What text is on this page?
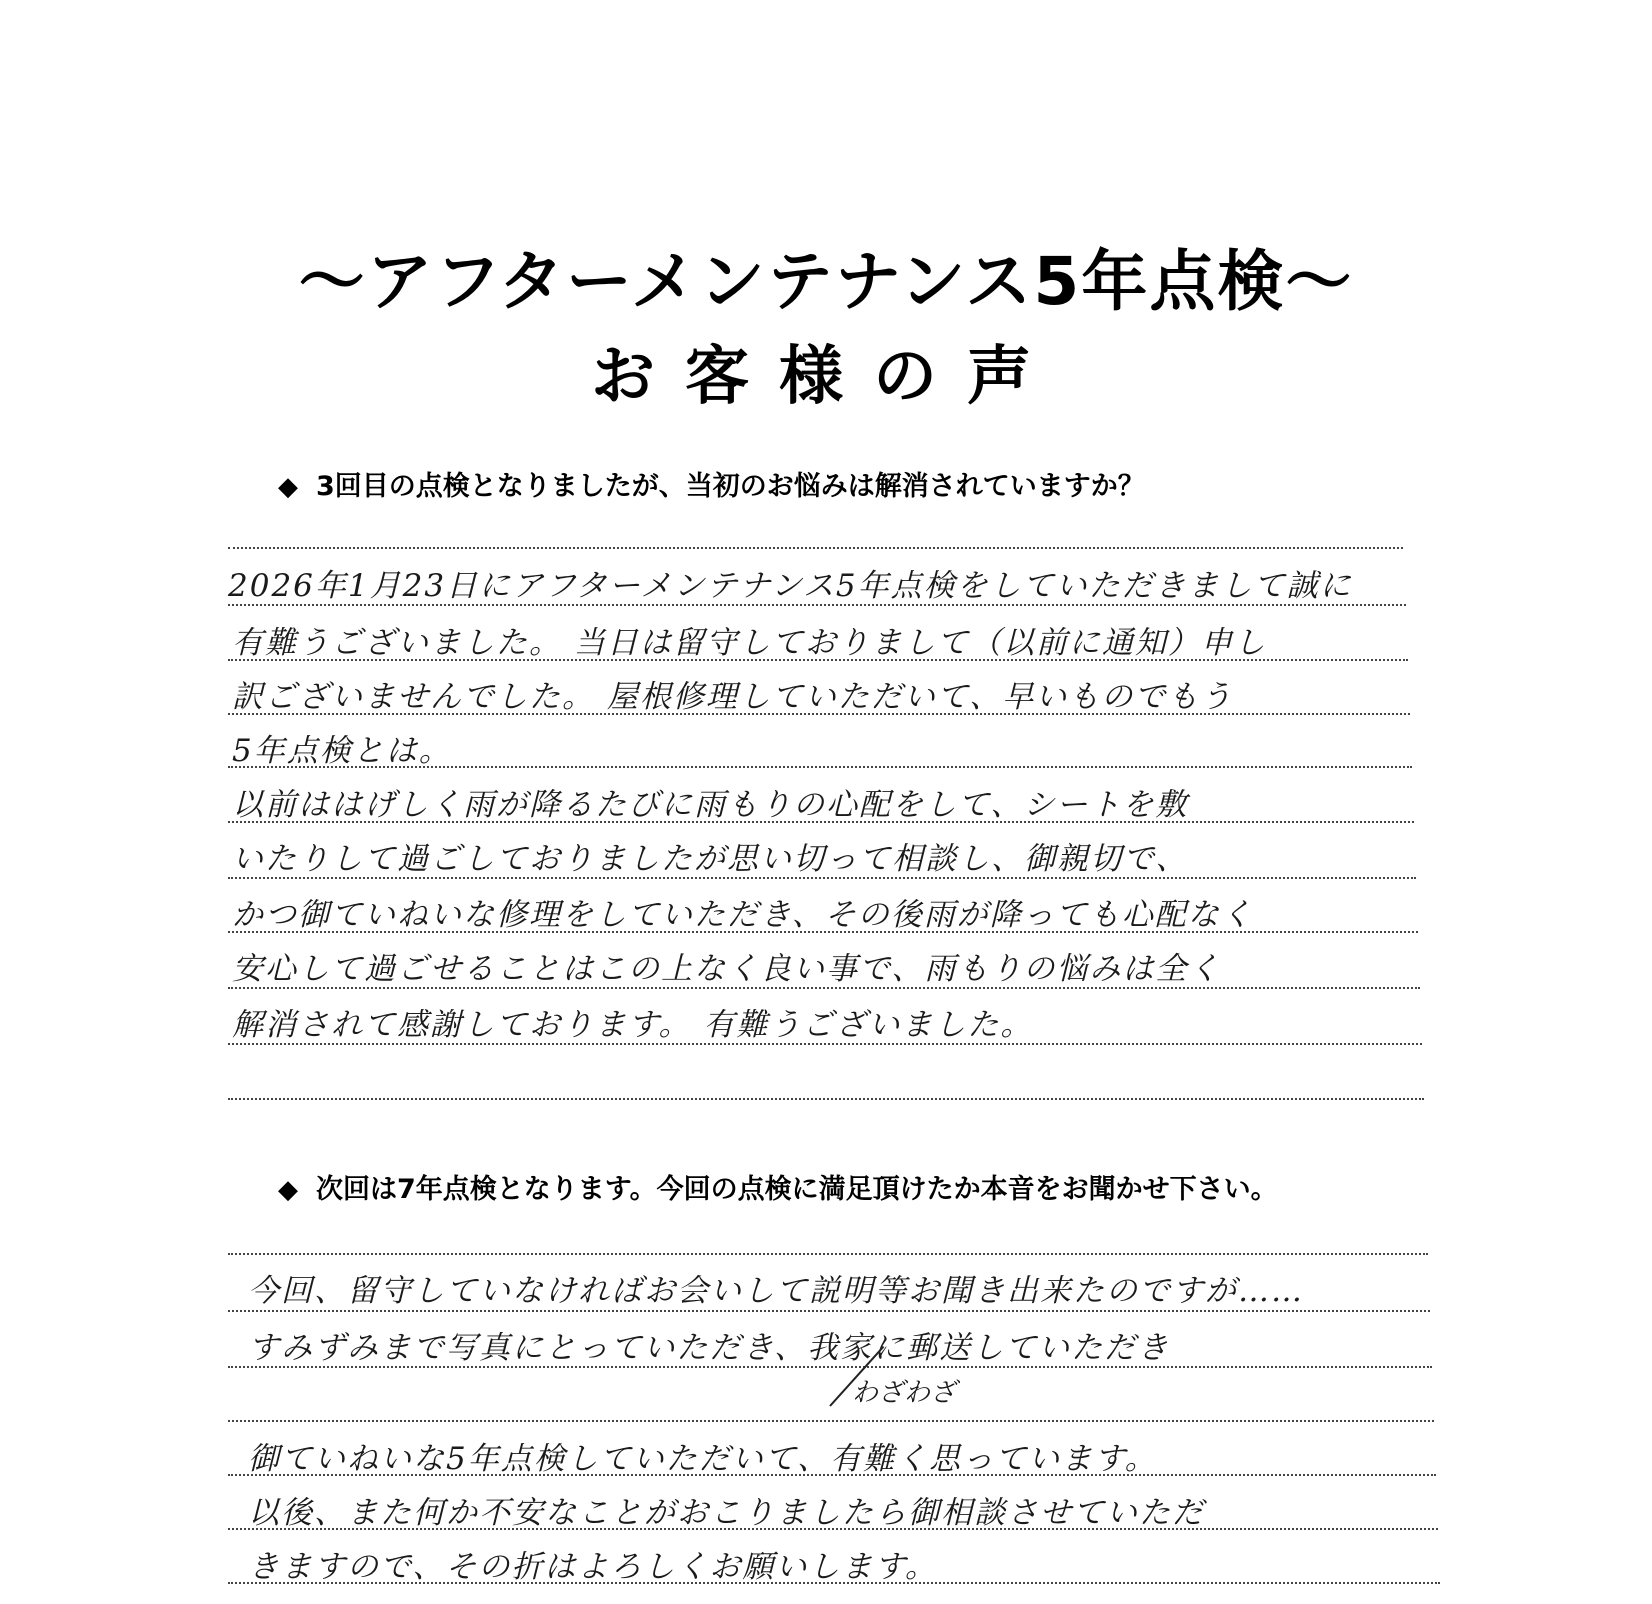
〜アフターメンテナンス5年点検〜
お客様の声
◆ 3回目の点検となりましたが、当初のお悩みは解消されていますか？
2026年1月23日にアフターメンテナンス5年点検をしていただきまして誠に
有難うございました。 当日は留守しておりまして（以前に通知）申し
訳ございませんでした。 屋根修理していただいて、早いものでもう
5年点検とは。
以前ははげしく雨が降るたびに雨もりの心配をして、シートを敷
いたりして過ごしておりましたが思い切って相談し、御親切で、
かつ御ていねいな修理をしていただき、その後雨が降っても心配なく
安心して過ごせることはこの上なく良い事で、雨もりの悩みは全く
解消されて感謝しております。 有難うございました。
◆ 次回は7年点検となります。今回の点検に満足頂けたか本音をお聞かせ下さい。
今回、留守していなければお会いして説明等お聞き出来たのですが……
すみずみまで写真にとっていただき、我家に郵送していただき
わざわざ
御ていねいな5年点検していただいて、有難く思っています。
以後、また何か不安なことがおこりましたら御相談させていただ
きますので、その折はよろしくお願いします。
